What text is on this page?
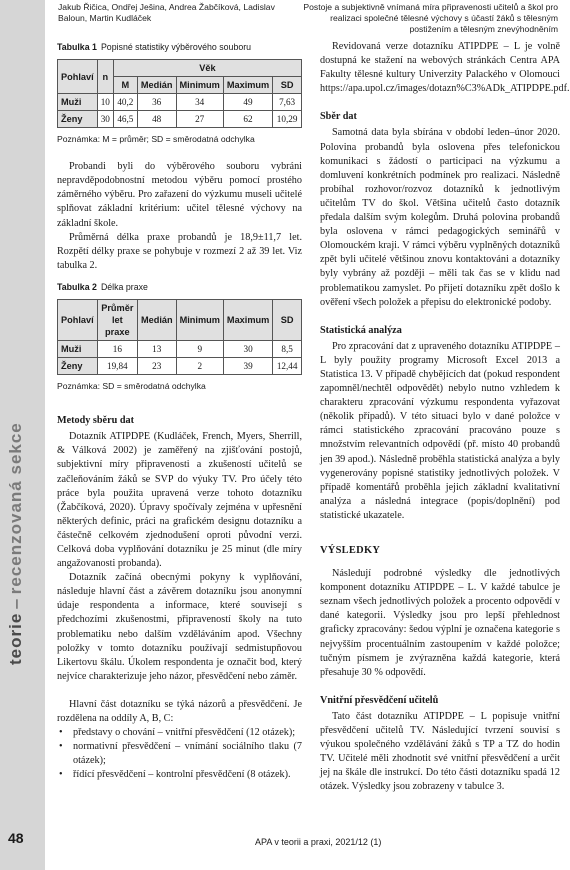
teorie–recenzovaná sekce
Jakub Řičica, Ondřej Ješina, Andrea Žabčíková, Ladislav Baloun, Martin Kudláček
Postoje a subjektivně vnímaná míra připravenosti učitelů a škol pro realizaci společné tělesné výchovy s účastí žáků s tělesným postižením a tělesným znevýhodněním
Tabulka 1 Popisné statistiky výběrového souboru
Pohlaví	n	Věk				
		M	Medián	Minimum	Maximum	SD
Muži	10	40,2	36	34	49	7,63
Ženy	30	46,5	48	27	62	10,29

Poznámka: M = průměr; SD = směrodatná odchylka

Probandi byli do výběrového souboru vybráni nepravděpodobnostní metodou výběru pomocí prostého záměrného výběru. Pro zařazení do výzkumu museli učitelé splňovat základní kritérium: učitel tělesné výchovy na základní škole.

Průměrná délka praxe probandů je 18,9±11,7 let. Rozpětí délky praxe se pohybuje v rozmezí 2 až 39 let. Viz tabulka 2.

Tabulka 2 Délka praxe
Pohlaví	Průměr let praxe	Medián	Minimum	Maximum	SD
Muži	16	13	9	30	8,5
Ženy	19,84	23	2	39	12,44

Poznámka: SD = směrodatná odchylka

Metody sběru dat

Dotazník ATIPDPE (Kudláček, French, Myers, Sherrill, & Válková 2002) je zaměřený na zjišťování postojů, subjektivní míry připravenosti a zkušeností učitelů se začleňováním žáků se SVP do výuky TV. Pro účely této práce byla použita upravená verze tohoto dotazníku (Žabčíková, 2020). Úpravy spočívaly zejména v upřesnění některých definic, práci na grafickém designu dotazníku a částečně celkovém zjednodušení oproti původní verzi. Celková doba vyplňování dotazníku je 25 minut (dle míry angažovanosti probanda).

Dotazník začíná obecnými pokyny k vyplňování, následuje hlavní část a závěrem dotazníku jsou anonymní údaje respondenta a informace, které souvisejí s předchozími zkušenostmi, připraveností školy na tuto problematiku nebo dalším vzděláváním apod. Všechny položky v tomto dotazníku používají sedmistupňovou Likertovu škálu. Úkolem respondenta je označit bod, který nejvíce charakterizuje jeho názor, přesvědčení nebo záměr.

Hlavní část dotazníku se týká názorů a přesvědčení. Je rozdělena na oddíly A, B, C:

• představy o chování – vnitřní přesvědčení (12 otázek);
• normativní přesvědčení – vnímání sociálního tlaku (7 otázek);
• řídící přesvědčení – kontrolní přesvědčení (8 otázek).

Revidovaná verze dotazníku ATIPDPE – L je volně dostupná ke stažení na webových stránkách Centra APA Fakulty tělesné kultury Univerzity Palackého v Olomouci https://apa.upol.cz/images/dotazn%C3%ADk_ATIPDPE.pdf.

Sběr dat

Samotná data byla sbírána v období leden–únor 2020. Polovina probandů byla oslovena přes telefonickou komunikaci s žádostí o participaci na výzkumu a domluvení konkrétních podmínek pro realizaci. Následně probíhal rozhovor/rozvoz dotazníků k jednotlivým učitelům TV do škol. Většina učitelů často dotazník předala dalším svým kolegům. Druhá polovina probandů byla oslovena v rámci pedagogických seminářů v Olomouckém kraji. V rámci výběru vyplněných dotazníků zpět byli učitelé většinou znovu kontaktováni a dotazníky byly vybrány až později – měli tak čas se v klidu nad problematikou zamyslet. Po přijetí dotazníku zpět došlo k ověření všech položek a přepisu do elektronické podoby.

Statistická analýza

Pro zpracování dat z upraveného dotazníku ATIPDPE – L byly použity programy Microsoft Excel 2013 a Statistica 13. V případě chybějících dat (pokud respondent zapomněl/nechtěl odpovědět) nebylo nutno vzhledem k charakteru zpracování výzkumu respondenta vyřazovat (několik případů). V této situaci bylo v dané položce v rámci statistického zpracování pracováno pouze s množstvím relevantních odpovědí (př. místo 40 probandů jen 39 apod.). Následně proběhla statistická analýza a byly vygenerovány popisné statistiky jednotlivých položek. V případě komentářů proběhla jejich základní kvalitativní analýza a následná integrace (popis/doplnění) pod statistické ukazatele.

VÝSLEDKY

Následují podrobné výsledky dle jednotlivých komponent dotazníku ATIPDPE – L. V každé tabulce je seznam všech jednotlivých položek a procento odpovědí v dané kategorii. Výsledky jsou pro lepší přehlednost graficky zpracovány: šedou výplní je označena kategorie s nejvyšším procentuálním zastoupením v každé položce; tučným písmem je zvýrazněna každá kategorie, která přesahuje 30 % odpovědí.

Vnitřní přesvědčení učitelů

Tato část dotazníku ATIPDPE – L popisuje vnitřní přesvědčení učitelů TV. Následující tvrzení souvisí s výukou společného vzdělávání žáků s TP a TZ do hodin TV. Učitelé měli zhodnotit své vnitřní přesvědčení a určit jej na škále dle instrukcí. Do této části dotazníku spadá 12 otázek. Výsledky jsou zobrazeny v tabulce 3.

48	APA v teorii a praxi, 2021/12 (1)
